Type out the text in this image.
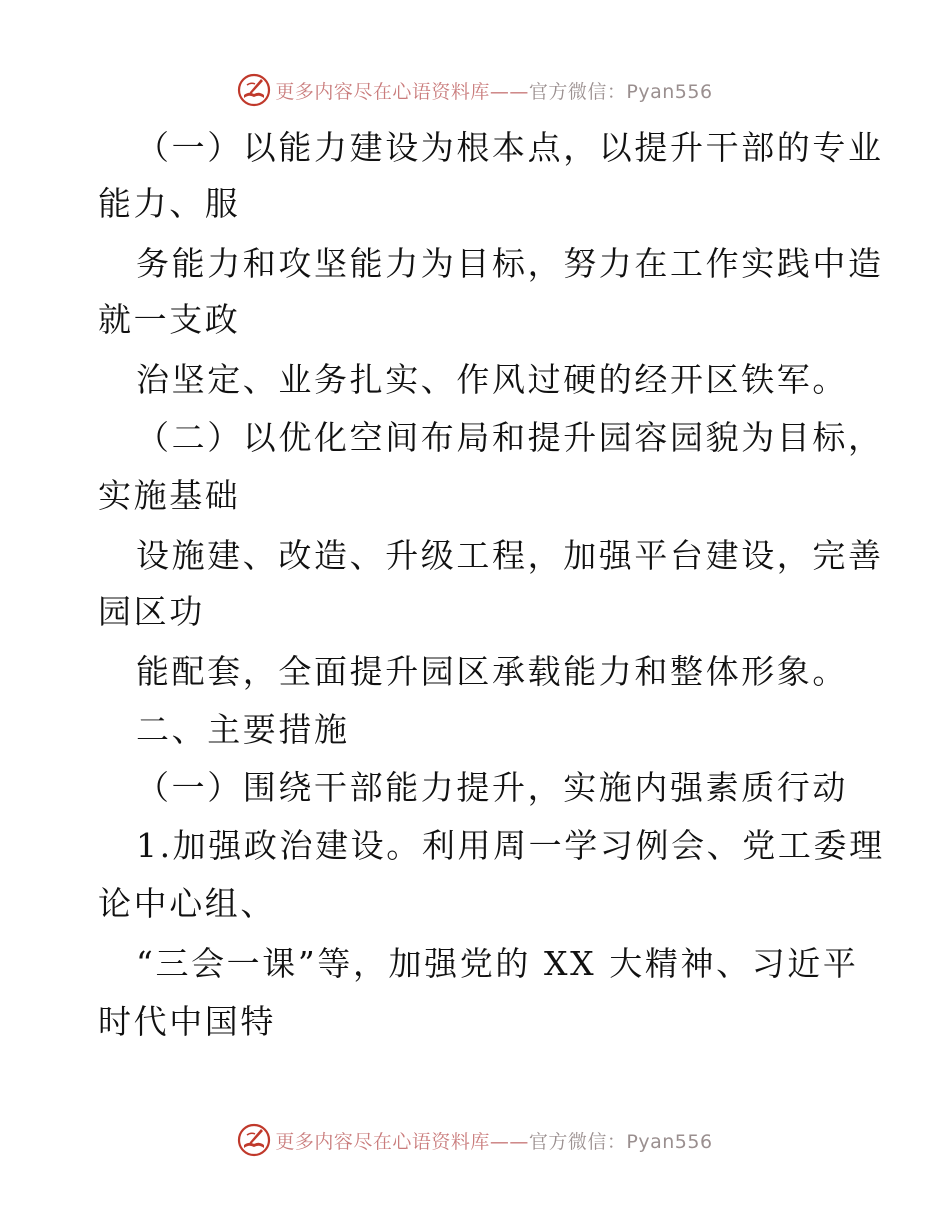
更多内容尽在心语资料库——官方微信：Pyan556
（一）以能力建设为根本点，以提升干部的专业
能力、服
务能力和攻坚能力为目标，努力在工作实践中造
就一支政
治坚定、业务扎实、作风过硬的经开区铁军。
（二）以优化空间布局和提升园容园貌为目标，
实施基础
设施建、改造、升级工程，加强平台建设，完善
园区功
能配套，全面提升园区承载能力和整体形象。
二、主要措施
（一）围绕干部能力提升，实施内强素质行动
1.加强政治建设。利用周一学习例会、党工委理
论中心组、
“三会一课”等，加强党的 XX 大精神、习近平
时代中国特
更多内容尽在心语资料库——官方微信：Pyan556
